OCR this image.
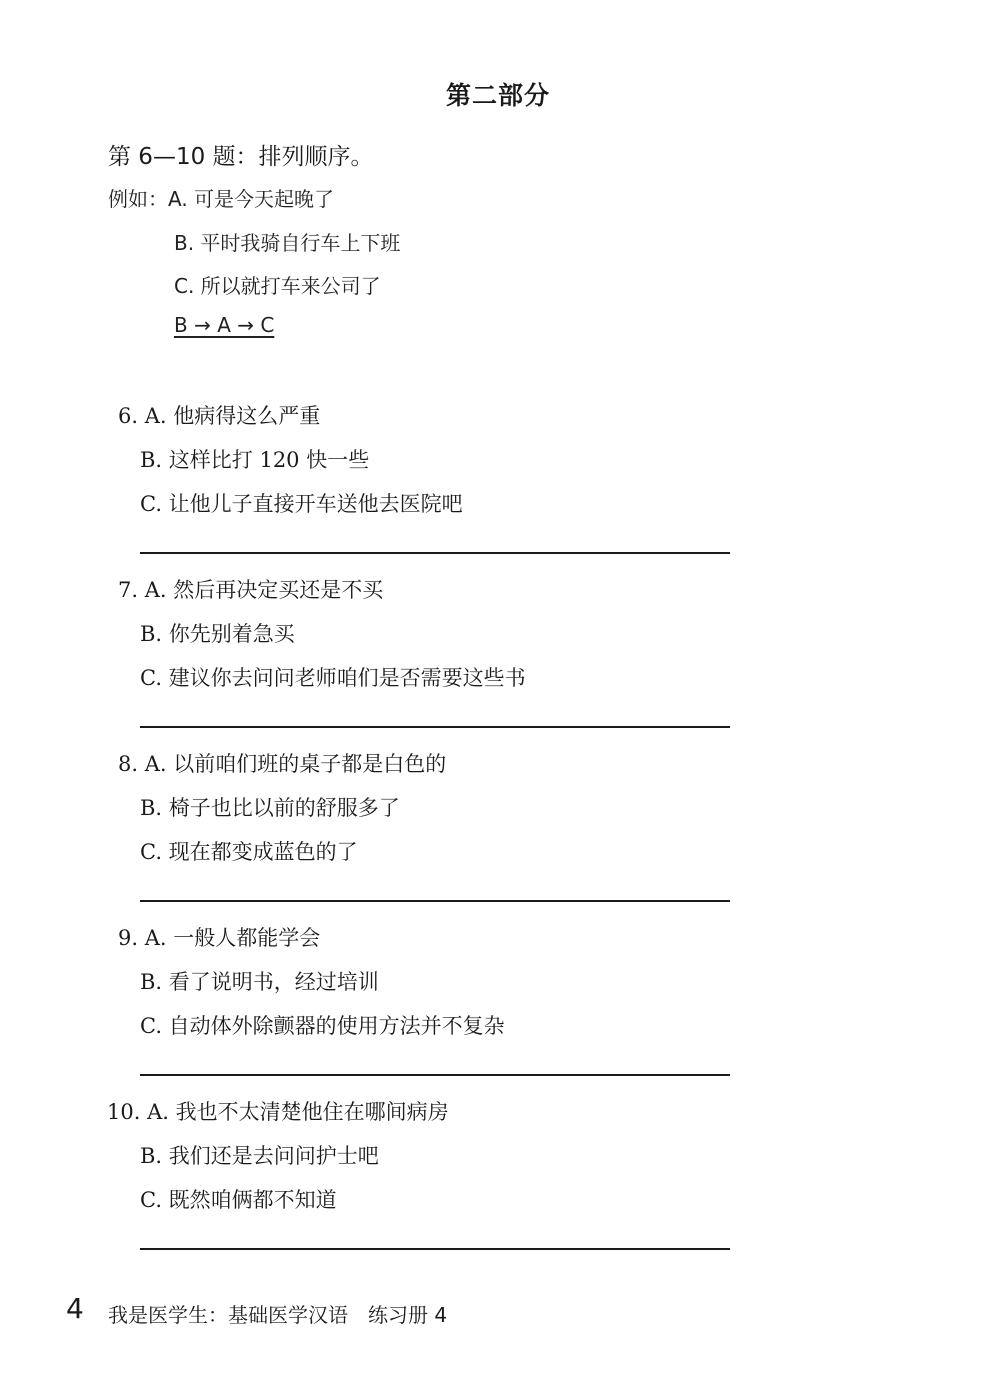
第二部分
第 6—10 题：排列顺序。
例如：A. 可是今天起晚了
B. 平时我骑自行车上下班
C. 所以就打车来公司了
B → A → C
6. A. 他病得这么严重
B. 这样比打 120 快一些
C. 让他儿子直接开车送他去医院吧
7. A. 然后再决定买还是不买
B. 你先别着急买
C. 建议你去问问老师咱们是否需要这些书
8. A. 以前咱们班的桌子都是白色的
B. 椅子也比以前的舒服多了
C. 现在都变成蓝色的了
9. A. 一般人都能学会
B. 看了说明书，经过培训
C. 自动体外除颤器的使用方法并不复杂
10. A. 我也不太清楚他住在哪间病房
B. 我们还是去问问护士吧
C. 既然咱俩都不知道
4 我是医学生：基础医学汉语　练习册 4
